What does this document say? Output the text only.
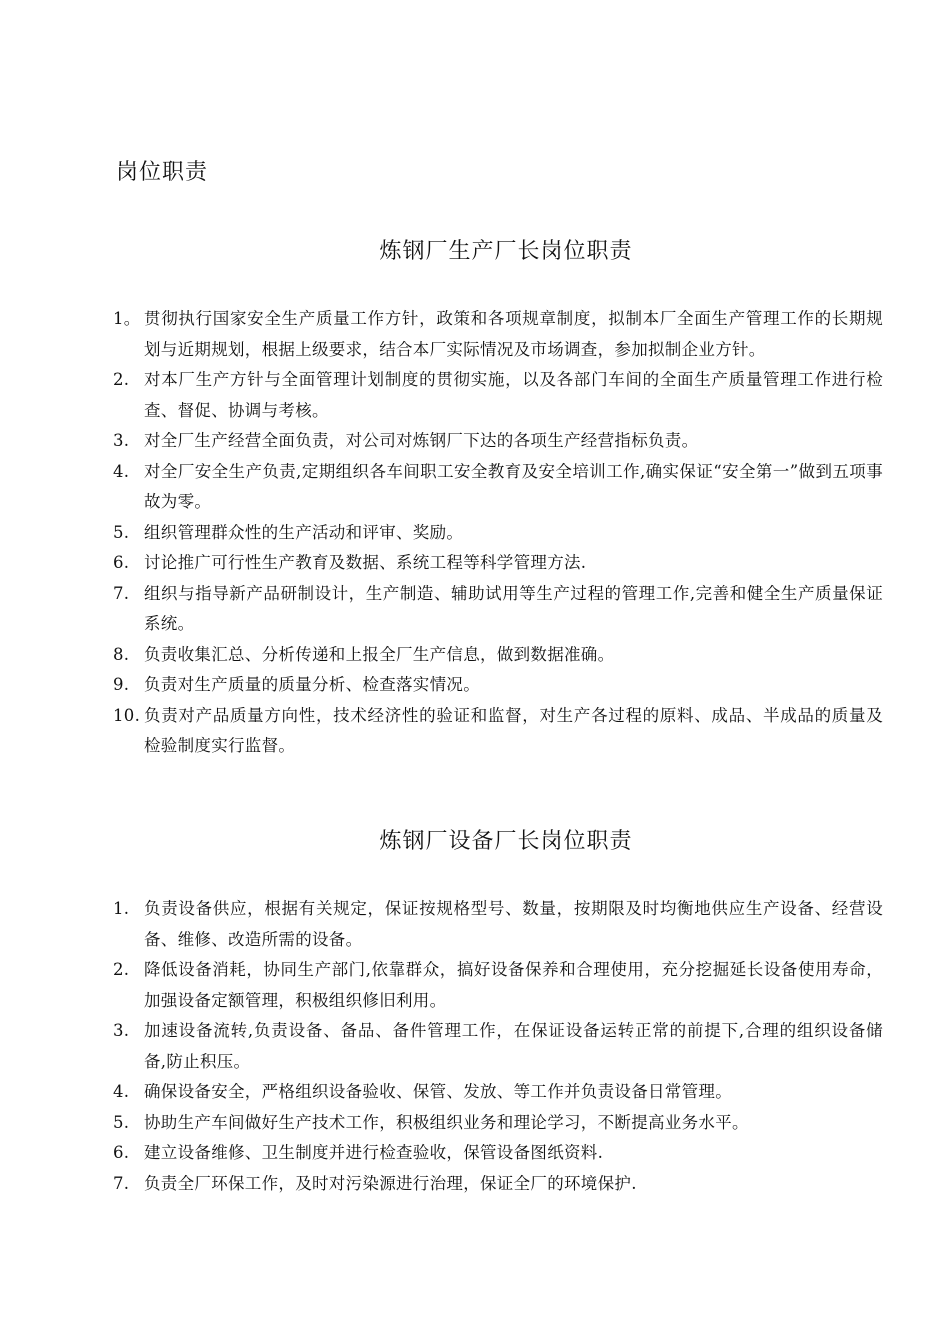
岗位职责
炼钢厂生产厂长岗位职责
1。 贯彻执行国家安全生产质量工作方针，政策和各项规章制度，拟制本厂全面生产管理工作的长期规划与近期规划，根据上级要求，结合本厂实际情况及市场调查，参加拟制企业方针。
2. 对本厂生产方针与全面管理计划制度的贯彻实施，以及各部门车间的全面生产质量管理工作进行检查、督促、协调与考核。
3. 对全厂生产经营全面负责，对公司对炼钢厂下达的各项生产经营指标负责。
4. 对全厂安全生产负责,定期组织各车间职工安全教育及安全培训工作,确实保证“安全第一”做到五项事故为零。
5. 组织管理群众性的生产活动和评审、奖励。
6. 讨论推广可行性生产教育及数据、系统工程等科学管理方法.
7. 组织与指导新产品研制设计，生产制造、辅助试用等生产过程的管理工作,完善和健全生产质量保证系统。
8. 负责收集汇总、分析传递和上报全厂生产信息，做到数据准确。
9. 负责对生产质量的质量分析、检查落实情况。
10. 负责对产品质量方向性，技术经济性的验证和监督，对生产各过程的原料、成品、半成品的质量及检验制度实行监督。
炼钢厂设备厂长岗位职责
1. 负责设备供应，根据有关规定，保证按规格型号、数量，按期限及时均衡地供应生产设备、经营设备、维修、改造所需的设备。
2. 降低设备消耗，协同生产部门,依靠群众，搞好设备保养和合理使用，充分挖掘延长设备使用寿命，加强设备定额管理，积极组织修旧利用。
3. 加速设备流转,负责设备、备品、备件管理工作，在保证设备运转正常的前提下,合理的组织设备储备,防止积压。
4. 确保设备安全，严格组织设备验收、保管、发放、等工作并负责设备日常管理。
5. 协助生产车间做好生产技术工作，积极组织业务和理论学习，不断提高业务水平。
6. 建立设备维修、卫生制度并进行检查验收，保管设备图纸资料.
7. 负责全厂环保工作，及时对污染源进行治理，保证全厂的环境保护.
